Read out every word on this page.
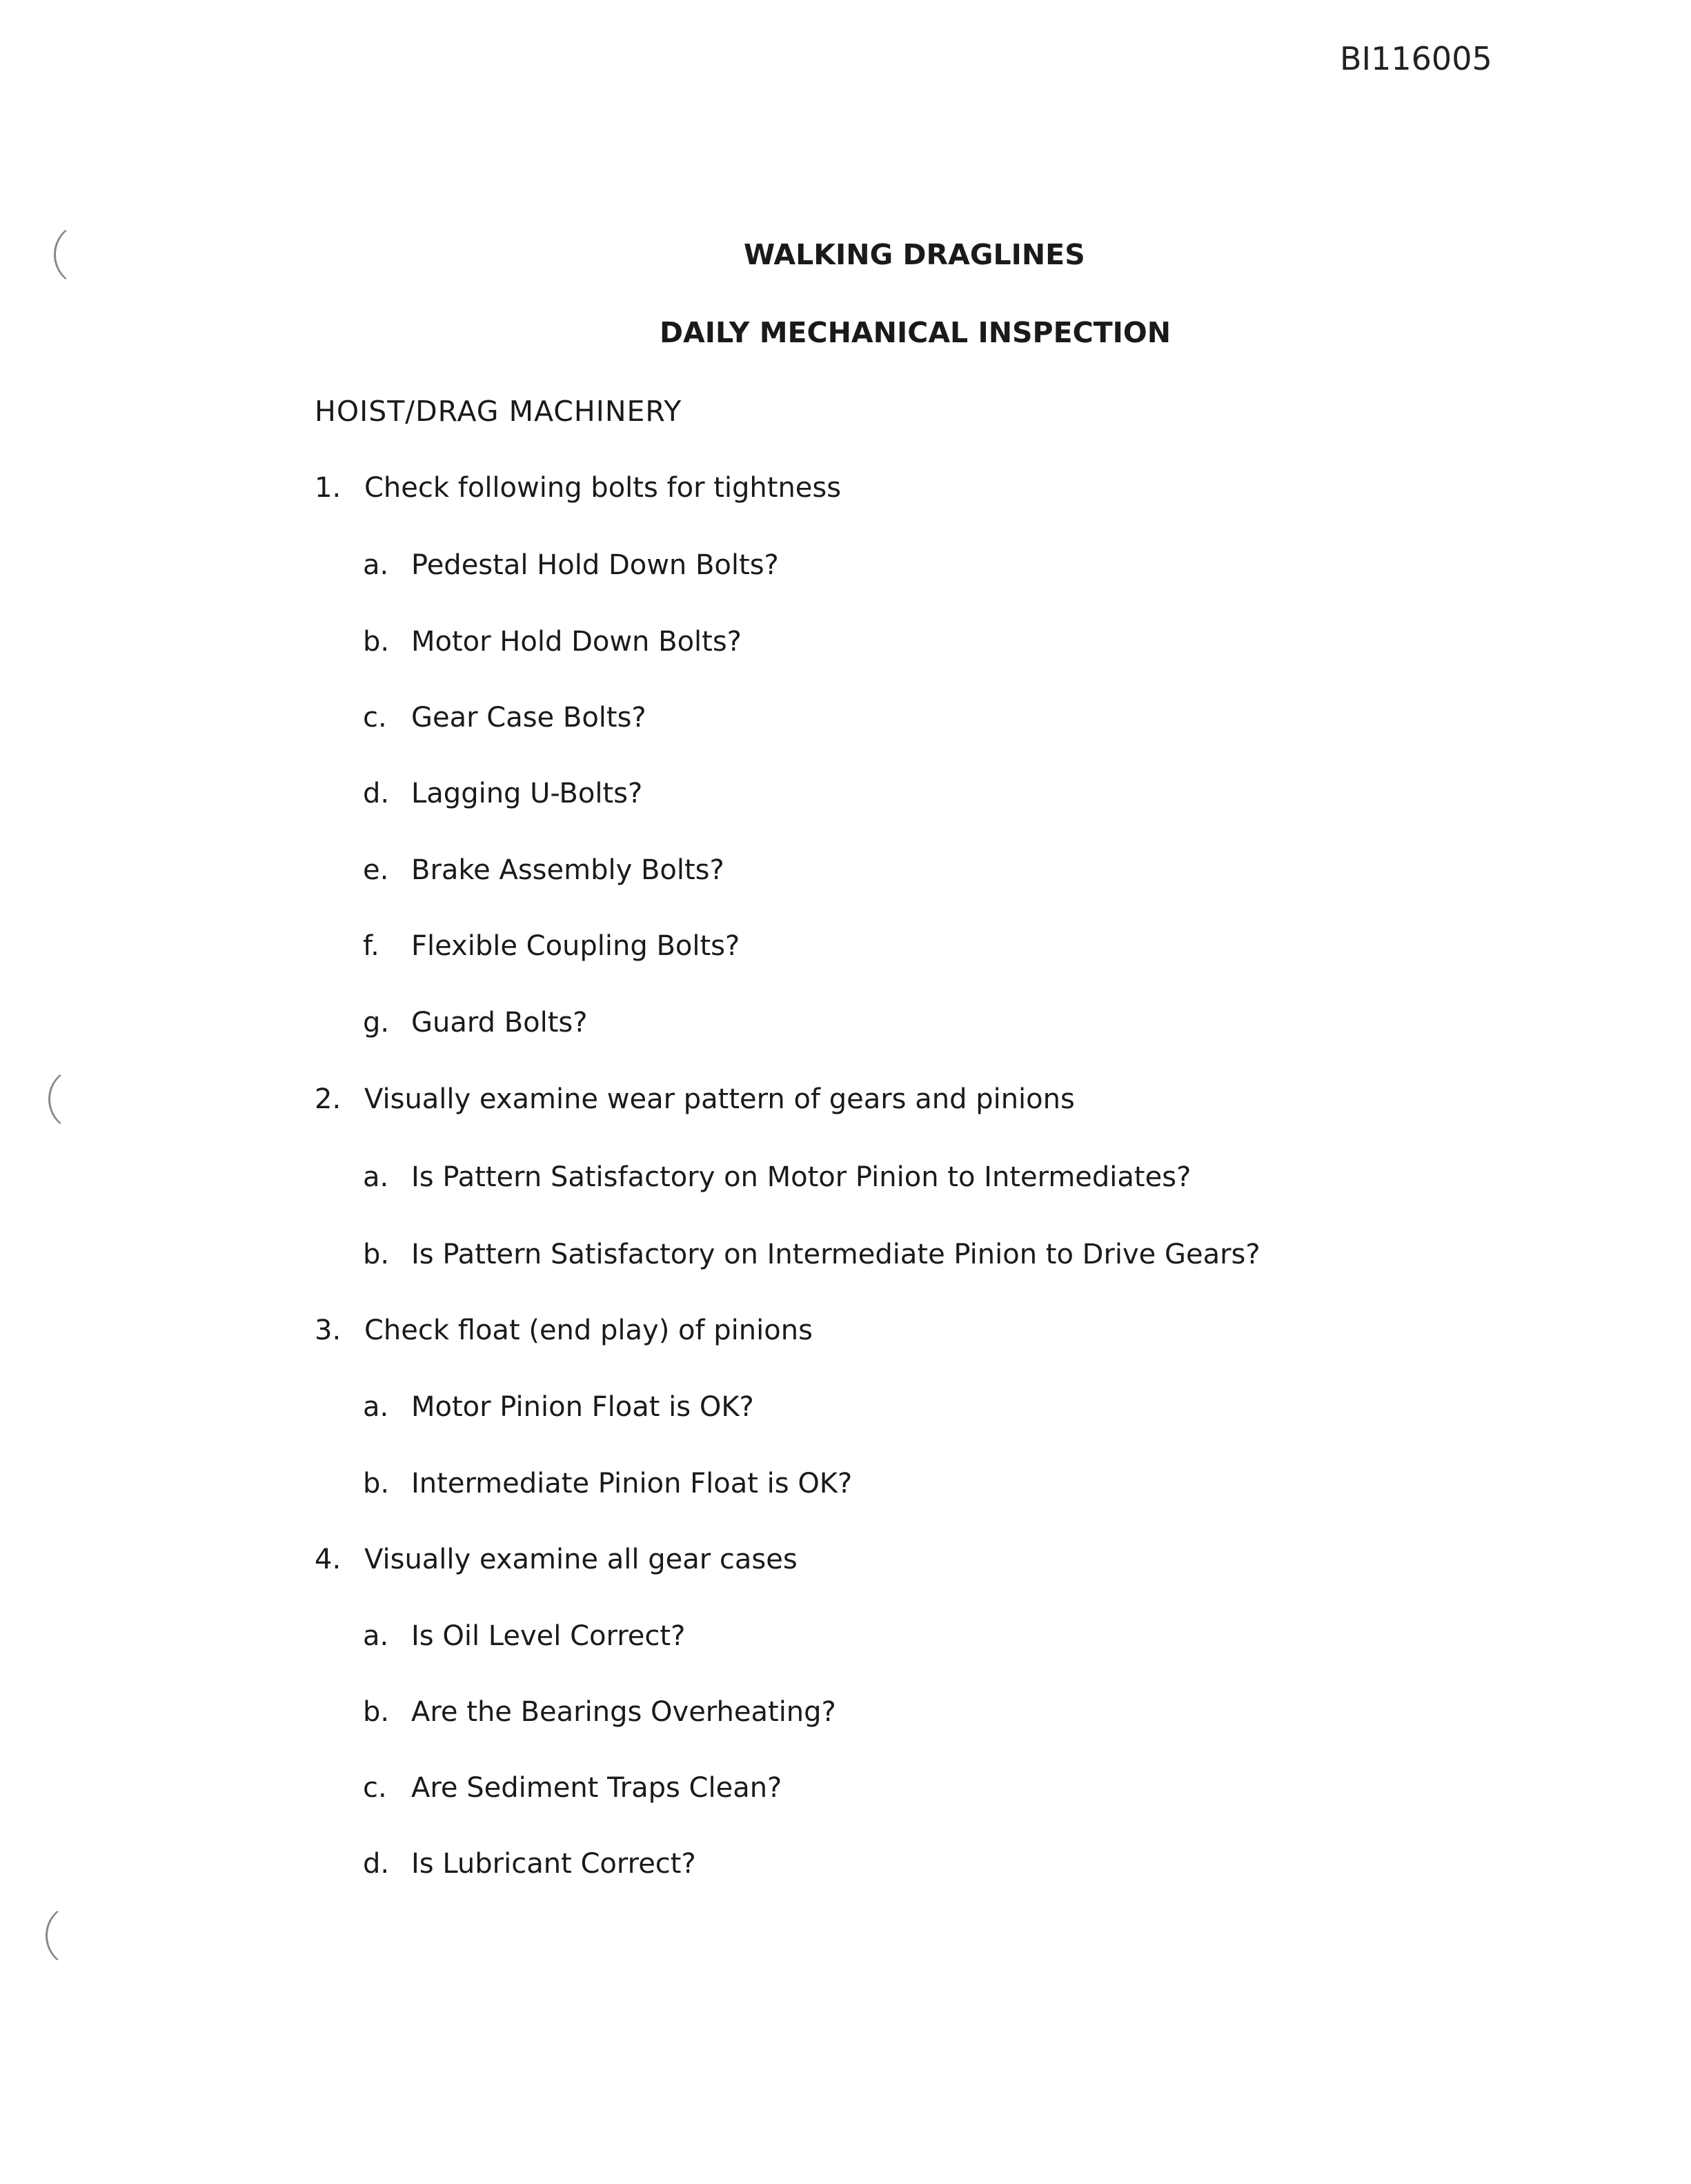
BI116005
WALKING DRAGLINES
DAILY MECHANICAL INSPECTION
HOIST/DRAG MACHINERY
1. Check following bolts for tightness
a. Pedestal Hold Down Bolts?
b. Motor Hold Down Bolts?
c. Gear Case Bolts?
d. Lagging U-Bolts?
e. Brake Assembly Bolts?
f.	Flexible Coupling Bolts?
g. Guard Bolts?
2. Visually examine wear pattern of gears and pinions
a. Is Pattern Satisfactory on Motor Pinion to Intermediates?
b. Is Pattern Satisfactory on Intermediate Pinion to Drive Gears?
3. Check float (end play) of pinions
a. Motor Pinion Float is OK?
b. Intermediate Pinion Float is OK?
4. Visually examine all gear cases
a. Is Oil Level Correct?
b. Are the Bearings Overheating?
c. Are Sediment Traps Clean?
d. Is Lubricant Correct?
